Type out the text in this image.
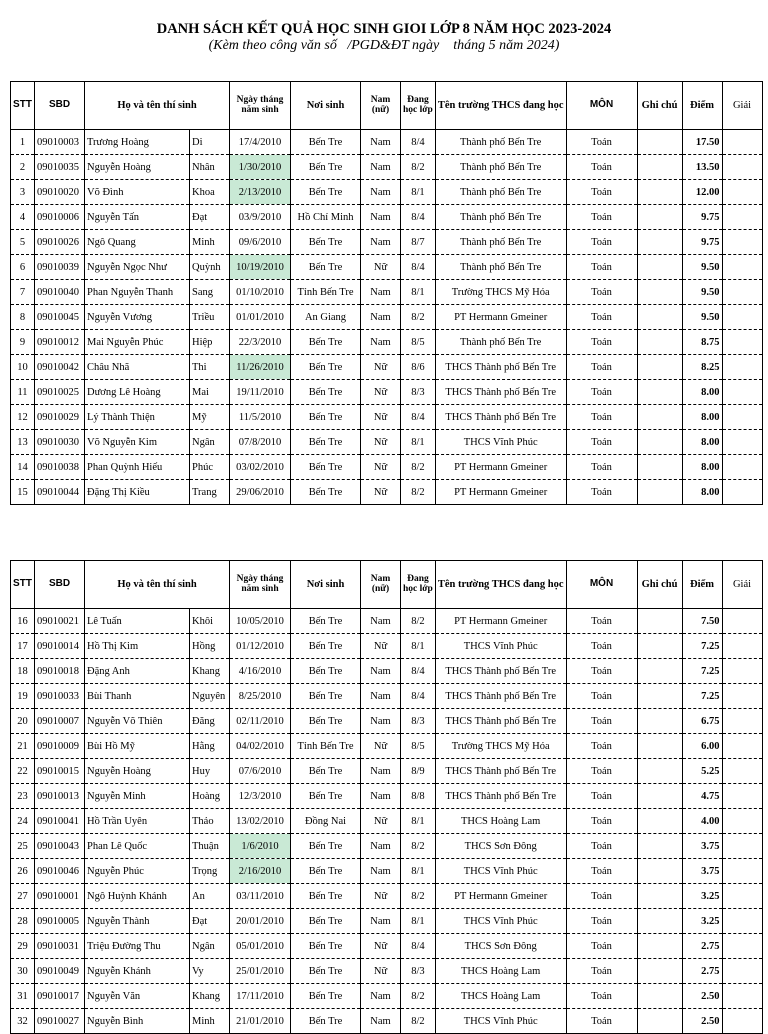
DANH SÁCH KẾT QUẢ HỌC SINH GIOI LỚP 8 NĂM HỌC 2023-2024
(Kèm theo công văn số   /PGD&ĐT ngày    tháng 5 năm 2024)
STT	SBD	Họ và tên thí sinh		Ngày tháng
năm sinh	Nơi sinh	Nam
(nữ)	Đang
học lớp	Tên trường THCS đang học	MÔN	Ghi chú	Điểm	Giải
1	09010003	Trương Hoàng	Di	17/4/2010	Bến Tre	Nam	8/4	Thành phố Bến Tre	Toán		17.50	
2	09010035	Nguyễn Hoàng	Nhân	1/30/2010	Bến Tre	Nam	8/2	Thành phố Bến Tre	Toán		13.50	
3	09010020	Võ Đình	Khoa	2/13/2010	Bến Tre	Nam	8/1	Thành phố Bến Tre	Toán		12.00	
4	09010006	Nguyễn Tấn	Đạt	03/9/2010	Hồ Chí Minh	Nam	8/4	Thành phố Bến Tre	Toán		9.75	
5	09010026	Ngô Quang	Minh	09/6/2010	Bến Tre	Nam	8/7	Thành phố Bến Tre	Toán		9.75	
6	09010039	Nguyễn Ngọc Như	Quỳnh	10/19/2010	Bến Tre	Nữ	8/4	Thành phố Bến Tre	Toán		9.50	
7	09010040	Phan Nguyễn Thanh	Sang	01/10/2010	Tỉnh Bến Tre	Nam	8/1	Trường THCS Mỹ Hóa	Toán		9.50	
8	09010045	Nguyễn Vương	Triều	01/01/2010	An Giang	Nam	8/2	PT Hermann Gmeiner	Toán		9.50	
9	09010012	Mai Nguyễn Phúc	Hiệp	22/3/2010	Bến Tre	Nam	8/5	Thành phố Bến Tre	Toán		8.75	
10	09010042	Châu Nhã	Thi	11/26/2010	Bến Tre	Nữ	8/6	THCS Thành phố Bến Tre	Toán		8.25	
11	09010025	Dương Lê Hoàng	Mai	19/11/2010	Bến Tre	Nữ	8/3	THCS Thành phố Bến Tre	Toán		8.00	
12	09010029	Lý Thành Thiện	Mỹ	11/5/2010	Bến Tre	Nữ	8/4	THCS Thành phố Bến Tre	Toán		8.00	
13	09010030	Võ Nguyễn Kim	Ngân	07/8/2010	Bến Tre	Nữ	8/1	THCS Vĩnh Phúc	Toán		8.00	
14	09010038	Phan Quỳnh Hiếu	Phúc	03/02/2010	Bến Tre	Nữ	8/2	PT Hermann Gmeiner	Toán		8.00	
15	09010044	Đặng Thị Kiều	Trang	29/06/2010	Bến Tre	Nữ	8/2	PT Hermann Gmeiner	Toán		8.00	
STT	SBD	Họ và tên thí sinh		Ngày tháng
năm sinh	Nơi sinh	Nam
(nữ)	Đang
học lớp	Tên trường THCS đang học	MÔN	Ghi chú	Điểm	Giải
16	09010021	Lê Tuấn	Khôi	10/05/2010	Bến Tre	Nam	8/2	PT Hermann Gmeiner	Toán		7.50	
17	09010014	Hồ Thị Kim	Hồng	01/12/2010	Bến Tre	Nữ	8/1	THCS Vĩnh Phúc	Toán		7.25	
18	09010018	Đặng Anh	Khang	4/16/2010	Bến Tre	Nam	8/4	THCS Thành phố Bến Tre	Toán		7.25	
19	09010033	Bùi Thanh	Nguyên	8/25/2010	Bến Tre	Nam	8/4	THCS Thành phố Bến Tre	Toán		7.25	
20	09010007	Nguyễn Võ Thiên	Đăng	02/11/2010	Bến Tre	Nam	8/3	THCS Thành phố Bến Tre	Toán		6.75	
21	09010009	Bùi Hồ Mỹ	Hằng	04/02/2010	Tỉnh Bến Tre	Nữ	8/5	Trường THCS Mỹ Hóa	Toán		6.00	
22	09010015	Nguyễn Hoàng	Huy	07/6/2010	Bến Tre	Nam	8/9	THCS Thành phố Bến Tre	Toán		5.25	
23	09010013	Nguyễn Minh	Hoàng	12/3/2010	Bến Tre	Nam	8/8	THCS Thành phố Bến Tre	Toán		4.75	
24	09010041	Hồ Trần Uyên	Thảo	13/02/2010	Đồng Nai	Nữ	8/1	THCS Hoàng Lam	Toán		4.00	
25	09010043	Phan Lê Quốc	Thuận	1/6/2010	Bến Tre	Nam	8/2	THCS Sơn Đông	Toán		3.75	
26	09010046	Nguyễn Phúc	Trọng	2/16/2010	Bến Tre	Nam	8/1	THCS Vĩnh Phúc	Toán		3.75	
27	09010001	Ngô Huỳnh Khánh	An	03/11/2010	Bến Tre	Nữ	8/2	PT Hermann Gmeiner	Toán		3.25	
28	09010005	Nguyễn Thành	Đạt	20/01/2010	Bến Tre	Nam	8/1	THCS Vĩnh Phúc	Toán		3.25	
29	09010031	Triệu Đường Thu	Ngân	05/01/2010	Bến Tre	Nữ	8/4	THCS Sơn Đông	Toán		2.75	
30	09010049	Nguyễn Khánh	Vy	25/01/2010	Bến Tre	Nữ	8/3	THCS Hoàng Lam	Toán		2.75	
31	09010017	Nguyễn Văn	Khang	17/11/2010	Bến Tre	Nam	8/2	THCS Hoàng Lam	Toán		2.50	
32	09010027	Nguyễn Bình	Minh	21/01/2010	Bến Tre	Nam	8/2	THCS Vĩnh Phúc	Toán		2.50	
